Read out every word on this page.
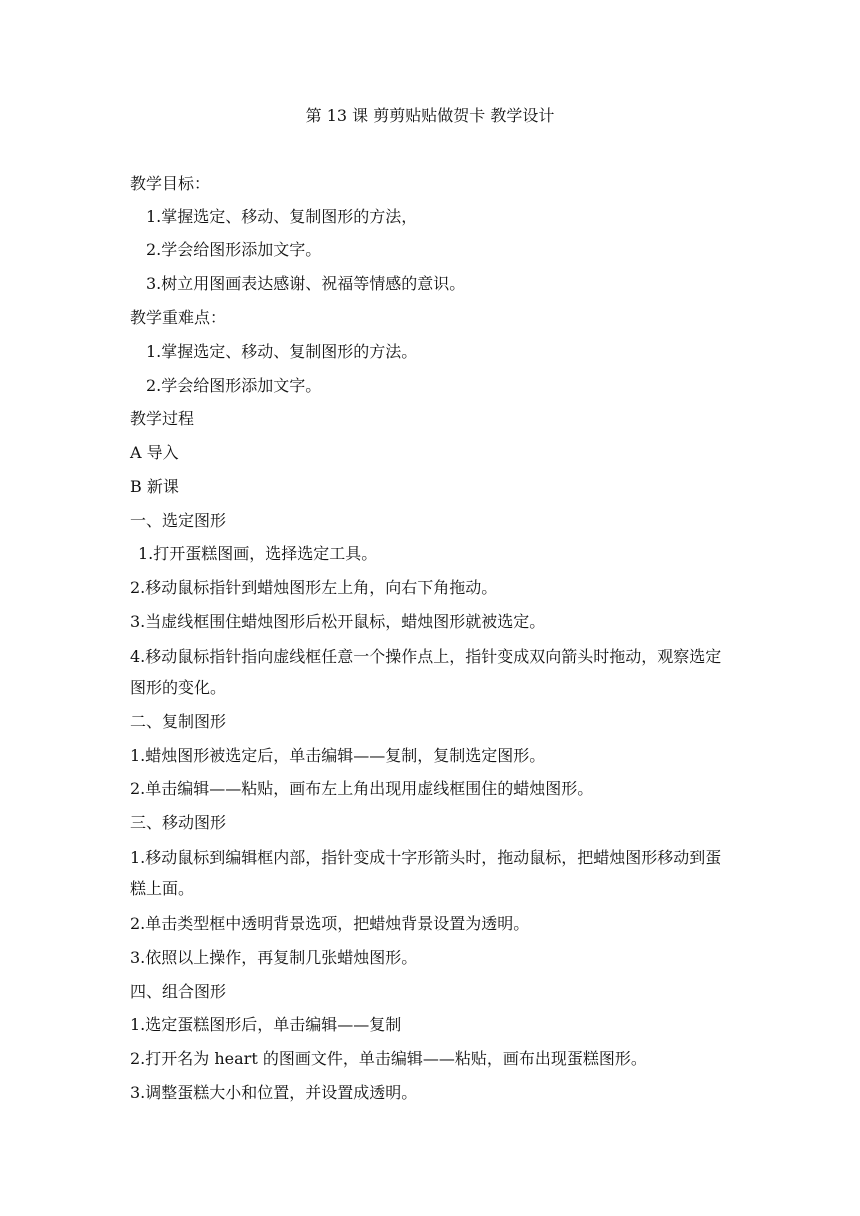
第 13 课 剪剪贴贴做贺卡 教学设计
教学目标：
1.掌握选定、移动、复制图形的方法，
2.学会给图形添加文字。
3.树立用图画表达感谢、祝福等情感的意识。
教学重难点：
1.掌握选定、移动、复制图形的方法。
2.学会给图形添加文字。
教学过程
A 导入
B 新课
一、选定图形
1.打开蛋糕图画，选择选定工具。
2.移动鼠标指针到蜡烛图形左上角，向右下角拖动。
3.当虚线框围住蜡烛图形后松开鼠标，蜡烛图形就被选定。
4.移动鼠标指针指向虚线框任意一个操作点上，指针变成双向箭头时拖动，观察选定图形的变化。
二、复制图形
1.蜡烛图形被选定后，单击编辑——复制，复制选定图形。
2.单击编辑——粘贴，画布左上角出现用虚线框围住的蜡烛图形。
三、移动图形
1.移动鼠标到编辑框内部，指针变成十字形箭头时，拖动鼠标，把蜡烛图形移动到蛋糕上面。
2.单击类型框中透明背景选项，把蜡烛背景设置为透明。
3.依照以上操作，再复制几张蜡烛图形。
四、组合图形
1.选定蛋糕图形后，单击编辑——复制
2.打开名为 heart 的图画文件，单击编辑——粘贴，画布出现蛋糕图形。
3.调整蛋糕大小和位置，并设置成透明。
